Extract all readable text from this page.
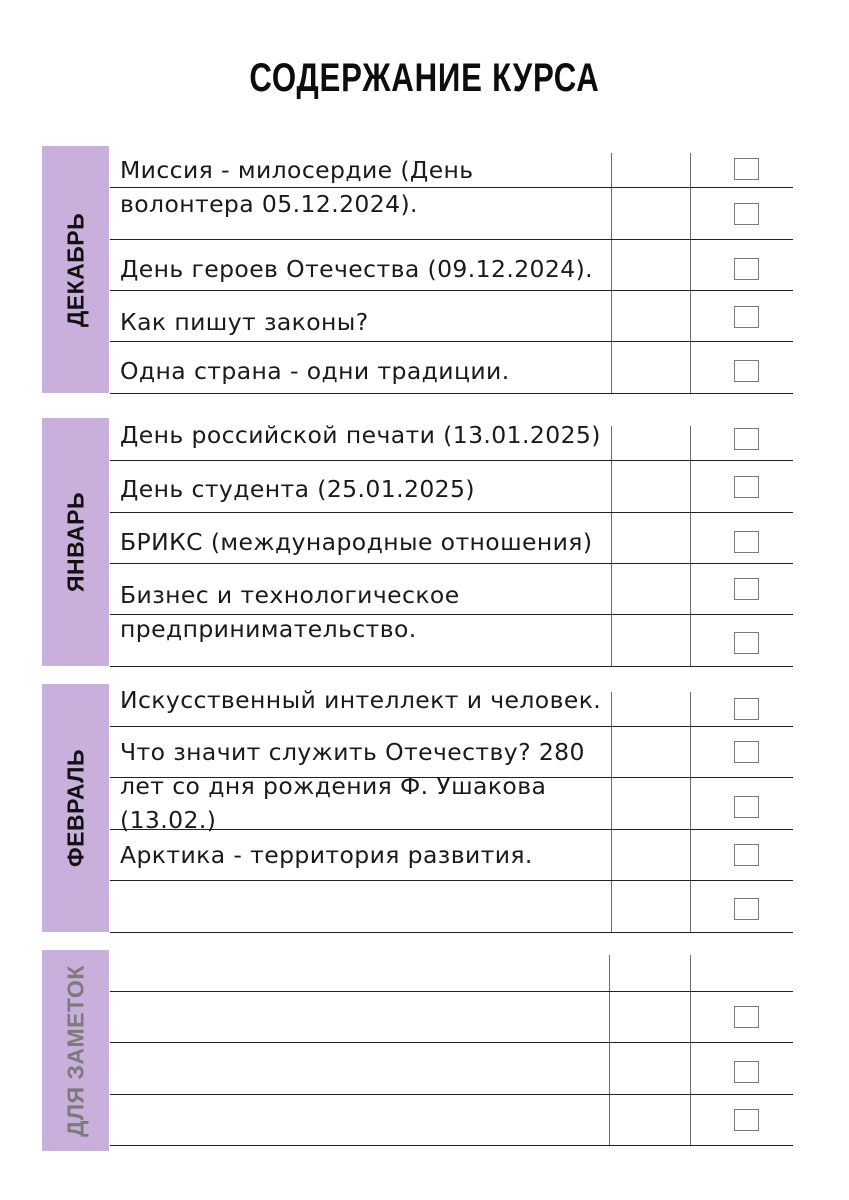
СОДЕРЖАНИЕ КУРСА
ДЕКАБРЬ
Миссия - милосердие (День волонтера 05.12.2024).
День героев Отечества (09.12.2024).
Как пишут законы?
Одна страна - одни традиции.
ЯНВАРЬ
День российской печати (13.01.2025)
День студента (25.01.2025)
БРИКС (международные отношения)
Бизнес и технологическое предпринимательство.
ФЕВРАЛЬ
Искусственный интеллект и человек.
Что значит служить Отечеству? 280 лет со дня рождения Ф. Ушакова (13.02.)
Арктика - территория развития.
ДЛЯ ЗАМЕТОК
